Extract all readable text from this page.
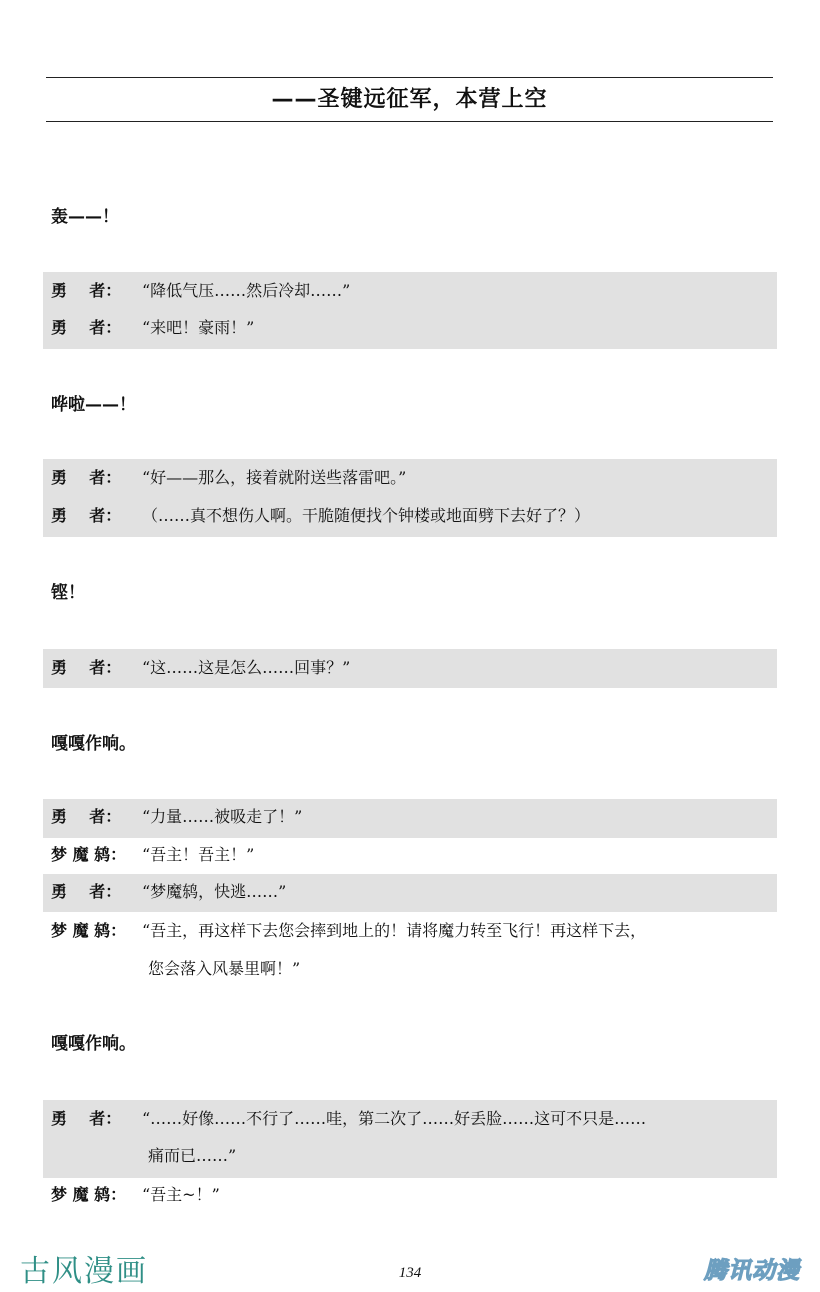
——圣键远征军，本营上空
轰——！
勇    者：	“降低气压……然后冷却……”
勇    者：	“来吧！豪雨！”
哗啦——！
勇    者：	“好——那么，接着就附送些落雷吧。”
勇    者：	（……真不想伤人啊。干脆随便找个钟楼或地面劈下去好了？）
铿！
勇    者：	“这……这是怎么……回事？”
嘎嘎作响。
勇    者：	“力量……被吸走了！”
梦 魔 鸫： “吾主！吾主！”
勇    者：	“梦魔鸫，快逃……”
梦 魔 鸫： “吾主，再这样下去您会摔到地上的！请将魔力转至飞行！再这样下去，
您会落入风暴里啊！”
嘎嘎作响。
勇    者：	“……好像……不行了……哇，第二次了……好丢脸……这可不只是……
痛而已……”
梦 魔 鸫： “吾主~！”
古风漫画	134	腾讯动漫
